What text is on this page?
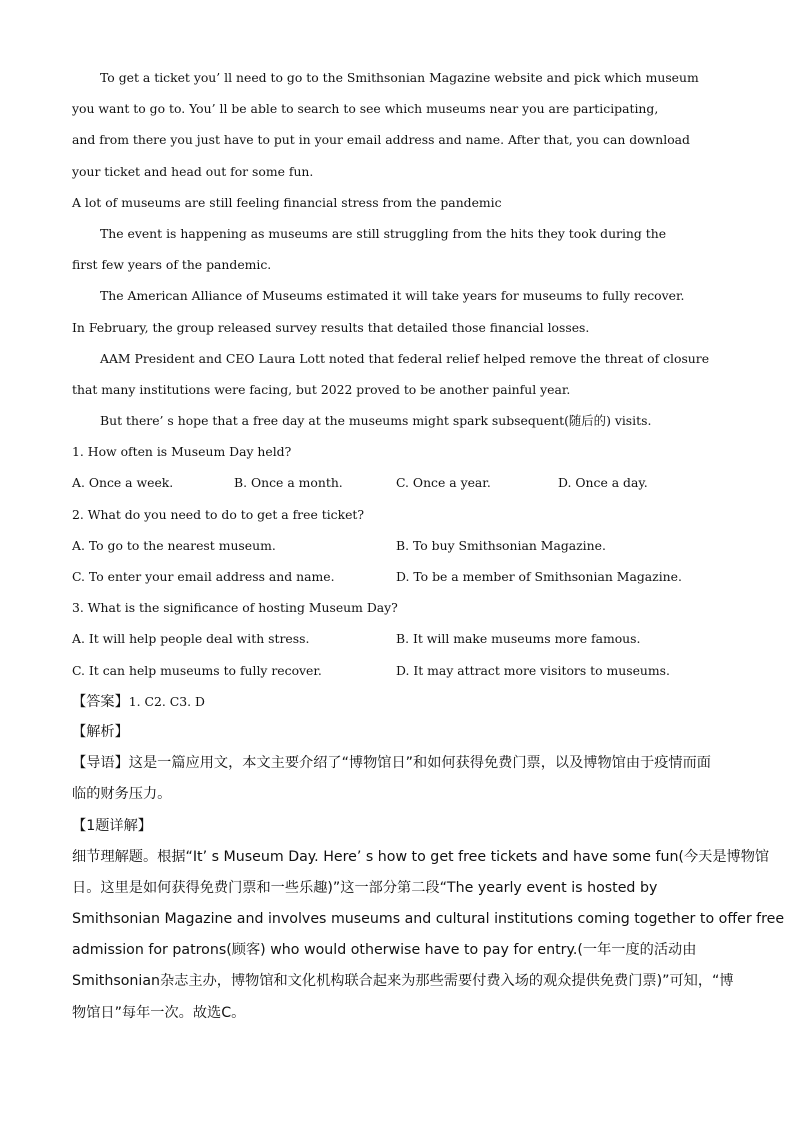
To get a ticket you’ ll need to go to the Smithsonian Magazine website and pick which museum
you want to go to. You’ ll be able to search to see which museums near you are participating,
and from there you just have to put in your email address and name. After that, you can download
your ticket and head out for some fun.
A lot of museums are still feeling financial stress from the pandemic
The event is happening as museums are still struggling from the hits they took during the
first few years of the pandemic.
The American Alliance of Museums estimated it will take years for museums to fully recover.
In February, the group released survey results that detailed those financial losses.
AAM President and CEO Laura Lott noted that federal relief helped remove the threat of closure
that many institutions were facing, but 2022 proved to be another painful year.
But there’ s hope that a free day at the museums might spark subsequent(随后的) visits.
1. How often is Museum Day held?
A. Once a week.	B. Once a month.	C. Once a year.	D. Once a day.
2. What do you need to do to get a free ticket?
A. To go to the nearest museum.	B. To buy Smithsonian Magazine.
C. To enter your email address and name.	D. To be a member of Smithsonian Magazine.
3. What is the significance of hosting Museum Day?
A. It will help people deal with stress.	B. It will make museums more famous.
C. It can help museums to fully recover.	D. It may attract more visitors to museums.
【答案】1. C2. C3. D
【解析】
【导语】这是一篇应用文，本文主要介绍了“博物馆日”和如何获得免费门票，以及博物馆由于疫情而面
临的财务压力。
【1题详解】
细节理解题。根据“It’ s Museum Day. Here’ s how to get free tickets and have some fun(今天是博物馆
日。这里是如何获得免费门票和一些乐趣)”这一部分第二段“The yearly event is hosted by
Smithsonian Magazine and involves museums and cultural institutions coming together to offer free
admission for patrons(顾客) who would otherwise have to pay for entry.(一年一度的活动由
Smithsonian杂志主办，博物馆和文化机构联合起来为那些需要付费入场的观众提供免费门票)”可知，“博
物馆日”每年一次。故选C。
